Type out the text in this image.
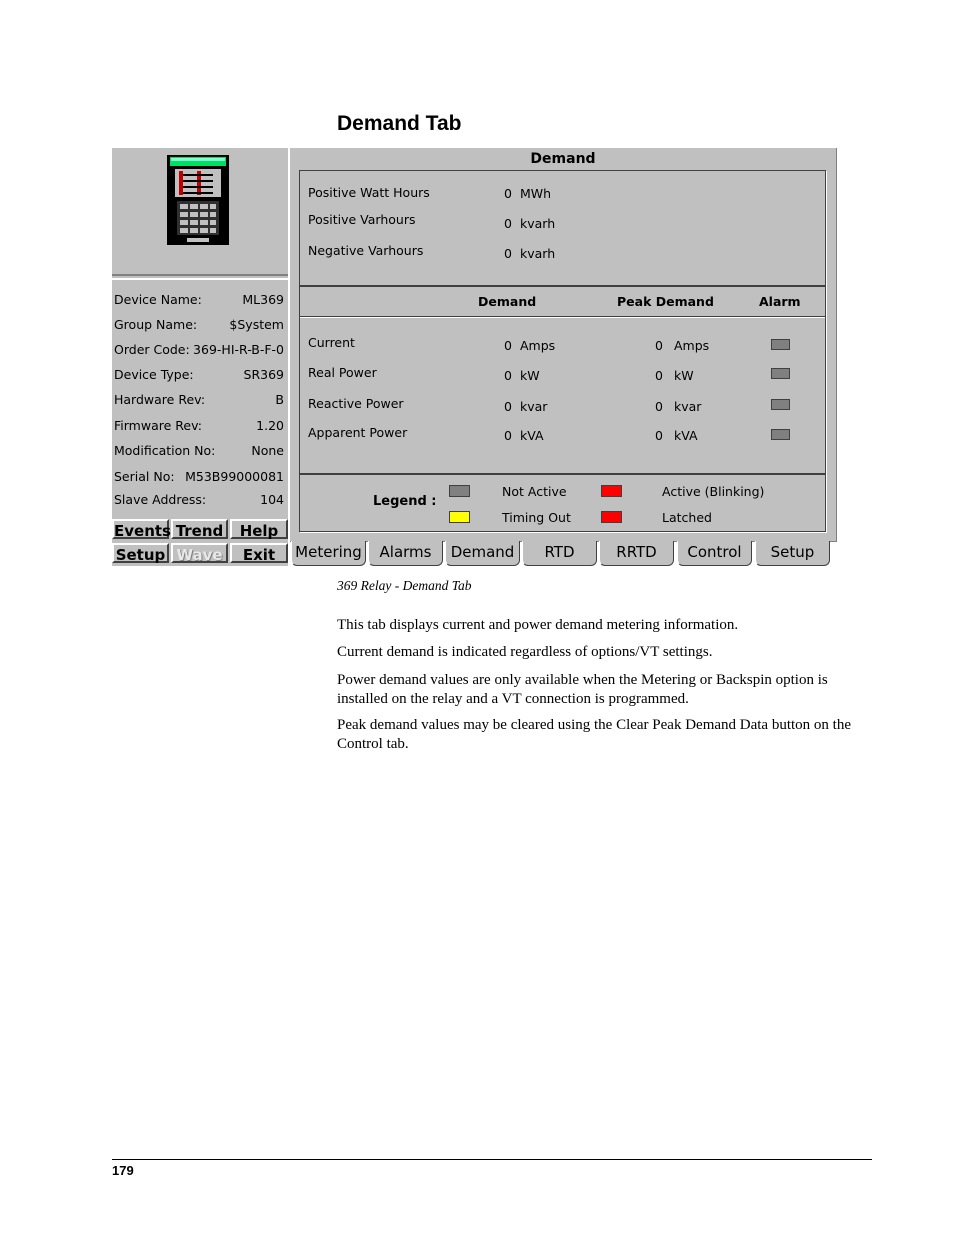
Demand Tab
Device Name:	ML369
Group Name:	$System
Order Code: 369-HI-R-B-F-0
Device Type:	SR369
Hardware Rev:	B
Firmware Rev:	1.20
Modification No:	None
Serial No: M53B99000081
Slave Address:	104
Events Trend	Help
Setup Wave	Exit
Demand
Positive Watt Hours	0 MWh
Positive Varhours	0 kvarh
Negative Varhours	0 kvarh
Demand	Peak Demand	Alarm
Current	0 Amps	0 Amps
Real Power	0 kW	0 kW
Reactive Power	0 kvar	0 kvar
Apparent Power	0 kVA	0 kVA
Legend :
Not Active
Timing Out
Active (Blinking)
Latched
Metering	Alarms	Demand	RTD	RRTD	Control	Setup
369 Relay - Demand Tab
This tab displays current and power demand metering information.
Current demand is indicated regardless of options/VT settings.
Power demand values are only available when the Metering or Backspin option is installed on the relay and a VT connection is programmed.
Peak demand values may be cleared using the Clear Peak Demand Data button on the Control tab.
179
